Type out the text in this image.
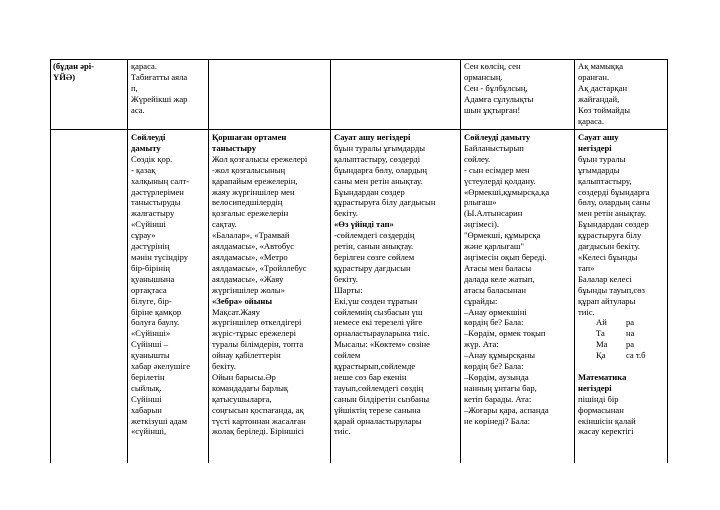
(бұдан әрі-

ҮЙӘ)

қараса.

Табиғатты аяла

п,

Жүрейікші жар

аса.

Сен көлсің, сен

ормансың.

Сен - бұлбұлсың,

Адамға сұлулықты

шын ұқтырған!

Ақ мамыққа

оранған.

Ақ дастарқан

жайғандай,

Көз тоймайды

қараса.

Сөйлеуді

дамыту

Сөздік қор.

- қазақ

халқының салт-

дәстүрлерімен

таныстыруды

жалғастыру

«Сүйінші

сұрау»

дәстүрінің

мәнін түсіндіру

бір-бірінің

қуанышына

ортақтаса

білуге, бір-

біріне қамқор

болуға баулу.

«Сүйінші»

Сүйінші –

қуанышты

хабар әкелушіге

берілетін

сыйлық.

Сүйінші

хабарын

жеткізуші адам

«сүйінші,

Қоршаған ортамен

таныстыру

Жол қозғалысы ережелері

-жол қозғалысының

қарапайым ережелерін,

жаяу жүргіншілер мен

велосипедшілердің

қозғалыс ережелерін

сақтау.

«Балалар», «Трамвай

аялдамасы», «Автобус

аялдамасы», «Метро

аялдамасы», «Тройллебус

аялдамасы», «Жаяу

жүргіншілер жолы»

«Зебра» ойыны

Мақсат.Жаяу

жүргіншілер өткелдігері

жүріс-тұрыс ережелері

туралы білімдерін, топта

ойнау қабілеттерін

бекіту.

Ойын барысы.Әр

командадағы барлық

қатысушыларға,

соңғысын қоспағанда, ақ

түсті картоннан жасалған

жолақ беріледі. Біріншісі

Сауат ашу негіздері

бұын туралы ұғымдарды

қалыптастыру, сөздерді

бұындарға бөлу, олардың

саны мен ретін анықтау.

Бұындардан сөздер

құрастыруға білу дағдысын

бекіту.

«Өз үйінді тап»

-сөйлемдегі сөздердің

ретін, санын анықтау.

берілген сөзге сөйлем

құрастыру дағдысын

бекіту.

Шарты:

Екі,үш сөзден тұратын

сөйлемнің сызбасын үш

немесе екі терезелі үйге

орналастырауларына тиіс.

Мысалы: «Көктем» сөзіне

сөйлем

құрастырып,сөйлемде

неше сөз бар екенін

тауып,сөйлемдегі сөздің

санын білдіретін сызбаны

үйшіктің терезе санына

қарай орналастырулары

тиіс.

Сөйлеуді дамыту

Байланыстырып

сөйлеу.

- сын есімдер мен

үстеулерді қолдану.

«Өрмекші,құмырсқа,қа

рлығаш»

(Ы.Алтынсарин

әңгімесі).

"Өрмекші, құмырсқа

және қарлығаш"

әңгімесін оқып береді.

Атасы мен баласы

далада келе жатып,

атасы баласынан

сұрайды:

–Анау өрмекшіні

көрдің бе? Бала:

–Көрдім, өрмек тоқып

жүр. Ата:

–Анау құмырсқаны

көрдің бе? Бала:

–Көрдім, аузында

нанның ұнтағы бар,

кетіп барады. Ата:

–Жоғары қара, аспанда

не көрінеді? Бала:

Сауат ашу

негіздері

бұын туралы

ұғымдарды

қалыптастыру,

сөздерді бұындарға

бөлу, олардың саны

мен ретін анықтау.

Бұындардан сөздер

құрастыруға білу

дағдысын бекіту.

«Келесі бұынды

тап»

Балалар келесі

бұынды тауып,сөз

құрап айтулары

тиіс.

Ай ра

Та на

Ма ра

Қа са т.б

Математика

негіздері

пішінді бір

формасынан

екіншісін қалай

жасау керектігі
